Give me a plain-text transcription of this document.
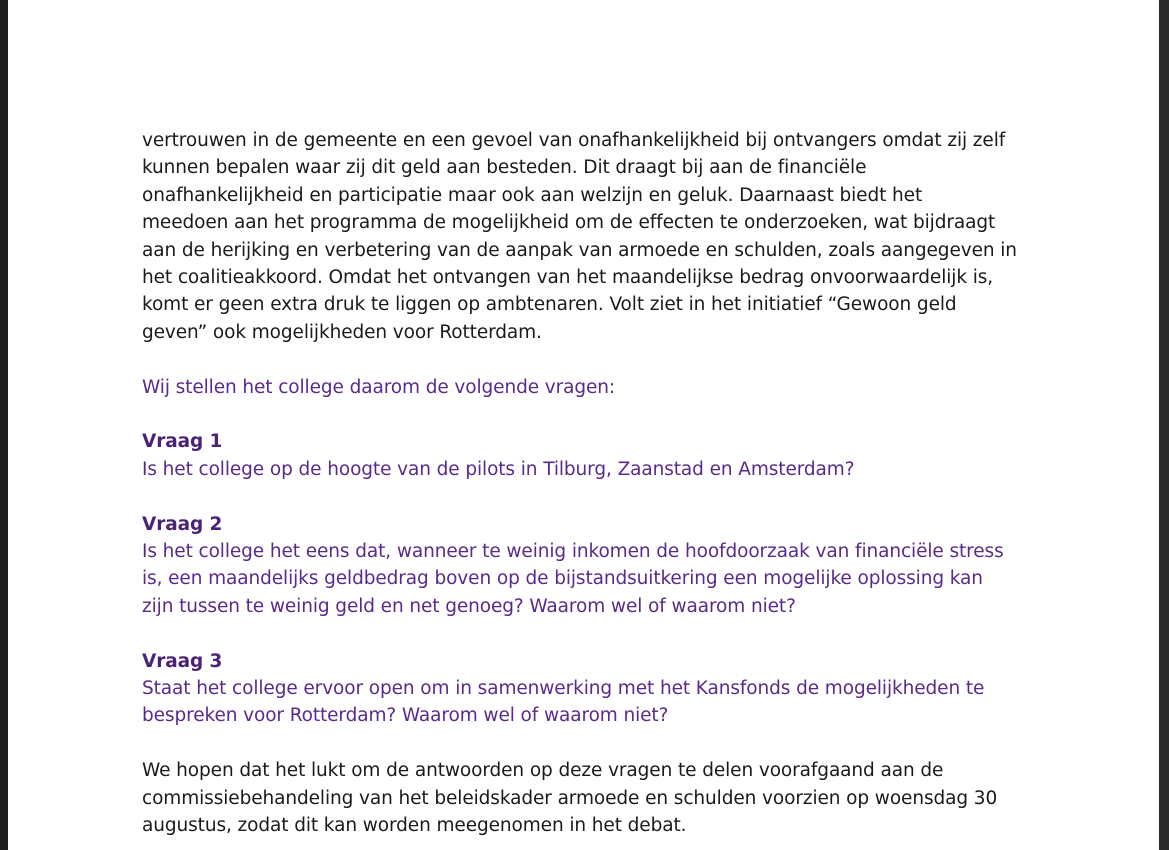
vertrouwen in de gemeente en een gevoel van onafhankelijkheid bij ontvangers omdat zij zelf
kunnen bepalen waar zij dit geld aan besteden. Dit draagt bij aan de financiële
onafhankelijkheid en participatie maar ook aan welzijn en geluk. Daarnaast biedt het
meedoen aan het programma de mogelijkheid om de effecten te onderzoeken, wat bijdraagt
aan de herijking en verbetering van de aanpak van armoede en schulden, zoals aangegeven in
het coalitieakkoord. Omdat het ontvangen van het maandelijkse bedrag onvoorwaardelijk is,
komt er geen extra druk te liggen op ambtenaren. Volt ziet in het initiatief “Gewoon geld
geven” ook mogelijkheden voor Rotterdam.
Wij stellen het college daarom de volgende vragen:
Vraag 1
Is het college op de hoogte van de pilots in Tilburg, Zaanstad en Amsterdam?
Vraag 2
Is het college het eens dat, wanneer te weinig inkomen de hoofdoorzaak van financiële stress
is, een maandelijks geldbedrag boven op de bijstandsuitkering een mogelijke oplossing kan
zijn tussen te weinig geld en net genoeg? Waarom wel of waarom niet?
Vraag 3
Staat het college ervoor open om in samenwerking met het Kansfonds de mogelijkheden te
bespreken voor Rotterdam? Waarom wel of waarom niet?
We hopen dat het lukt om de antwoorden op deze vragen te delen voorafgaand aan de
commissiebehandeling van het beleidskader armoede en schulden voorzien op woensdag 30
augustus, zodat dit kan worden meegenomen in het debat.
